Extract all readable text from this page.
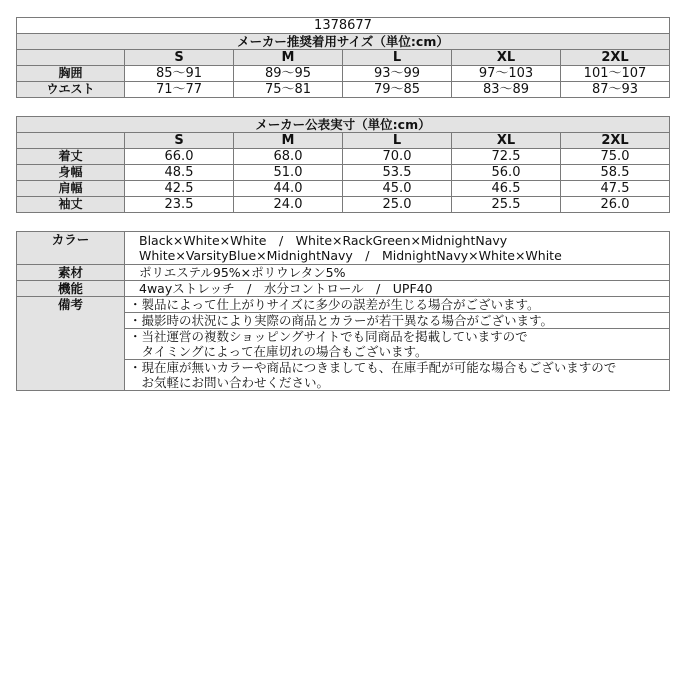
1378677					
メーカー推奨着用サイズ（単位:cm）					
	S	M	L	XL	2XL
胸囲	85～91	89～95	93～99	97～103	101～107
ウエスト	71～77	75～81	79～85	83～89	87～93
メーカー公表実寸（単位:cm）					
	S	M	L	XL	2XL
着丈	66.0	68.0	70.0	72.5	75.0
身幅	48.5	51.0	53.5	56.0	58.5
肩幅	42.5	44.0	45.0	46.5	47.5
袖丈	23.5	24.0	25.0	25.5	26.0
カラー	Black×White×White　/　White×RackGreen×MidnightNavy
White×VarsityBlue×MidnightNavy　/　MidnightNavy×White×White

素材	ポリエステル95%×ポリウレタン5%
機能	4wayストレッチ　/　水分コントロール　/　UPF40
備考	・製品によって仕上がりサイズに多少の誤差が生じる場合がございます。
	・撮影時の状況により実際の商品とカラーが若干異なる場合がございます。

	・当社運営の複数ショッピングサイトでも同商品を掲載していますので
　タイミングによって在庫切れの場合もございます。

	・現在庫が無いカラーや商品につきましても、在庫手配が可能な場合もございますので
　お気軽にお問い合わせください。
